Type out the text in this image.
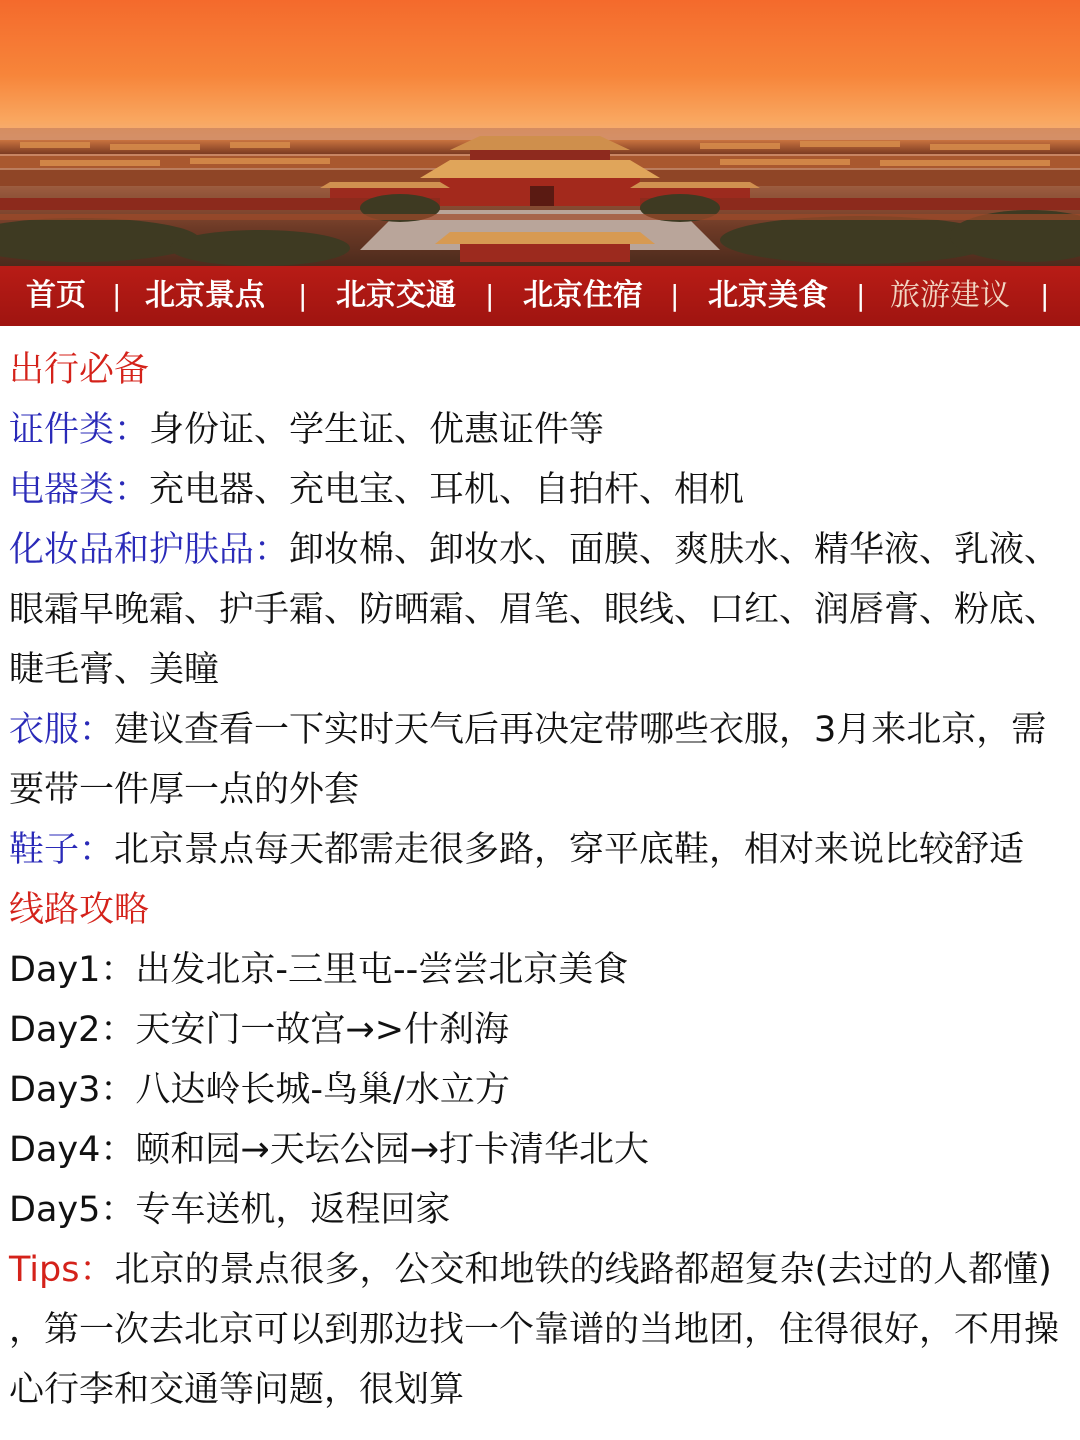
首页 | 北京景点 | 北京交通 | 北京住宿 | 北京美食 | 旅游建议 |
出行必备
证件类：身份证、学生证、优惠证件等
电器类：充电器、充电宝、耳机、自拍杆、相机
化妆品和护肤品：卸妆棉、卸妆水、面膜、爽肤水、精华液、乳液、
眼霜早晚霜、护手霜、防晒霜、眉笔、眼线、口红、润唇膏、粉底、
睫毛膏、美瞳
衣服：建议查看一下实时天气后再决定带哪些衣服，3月来北京，需
要带一件厚一点的外套
鞋子：北京景点每天都需走很多路，穿平底鞋，相对来说比较舒适
线路攻略
Day1：出发北京-三里屯--尝尝北京美食
Day2：天安门一故宫→>什刹海
Day3：八达岭长城-鸟巢/水立方
Day4：颐和园→天坛公园→打卡清华北大
Day5：专车送机，返程回家
Tips：北京的景点很多，公交和地铁的线路都超复杂(去过的人都懂)
，第一次去北京可以到那边找一个靠谱的当地团，住得很好，不用操
心行李和交通等问题，很划算
